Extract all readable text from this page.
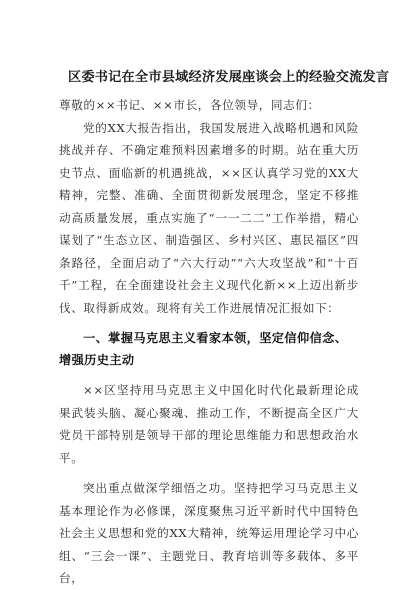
区委书记在全市县域经济发展座谈会上的经验交流发言

尊敬的××书记、××市长，各位领导，同志们：

党的XX大报告指出，我国发展进入战略机遇和风险挑战并存、不确定难预料因素增多的时期。站在重大历史节点、面临新的机遇挑战，××区认真学习党的XX大精神，完整、准确、全面贯彻新发展理念，坚定不移推动高质量发展，重点实施了“一一二二”工作举措，精心谋划了“生态立区、制造强区、乡村兴区、惠民福区”四条路径，全面启动了“六大行动”“六大攻坚战”和“十百千”工程，在全面建设社会主义现代化新××上迈出新步伐、取得新成效。现将有关工作进展情况汇报如下：

一、掌握马克思主义看家本领，坚定信仰信念、增强历史主动

××区坚持用马克思主义中国化时代化最新理论成果武装头脑、凝心聚魂、推动工作，不断提高全区广大党员干部特别是领导干部的理论思维能力和思想政治水平。

突出重点做深学细悟之功。坚持把学习马克思主义基本理论作为必修课，深度聚焦习近平新时代中国特色社会主义思想和党的XX大精神，统筹运用理论学习中心组、“三会一课”、主题党日、教育培训等多载体、多平台，
